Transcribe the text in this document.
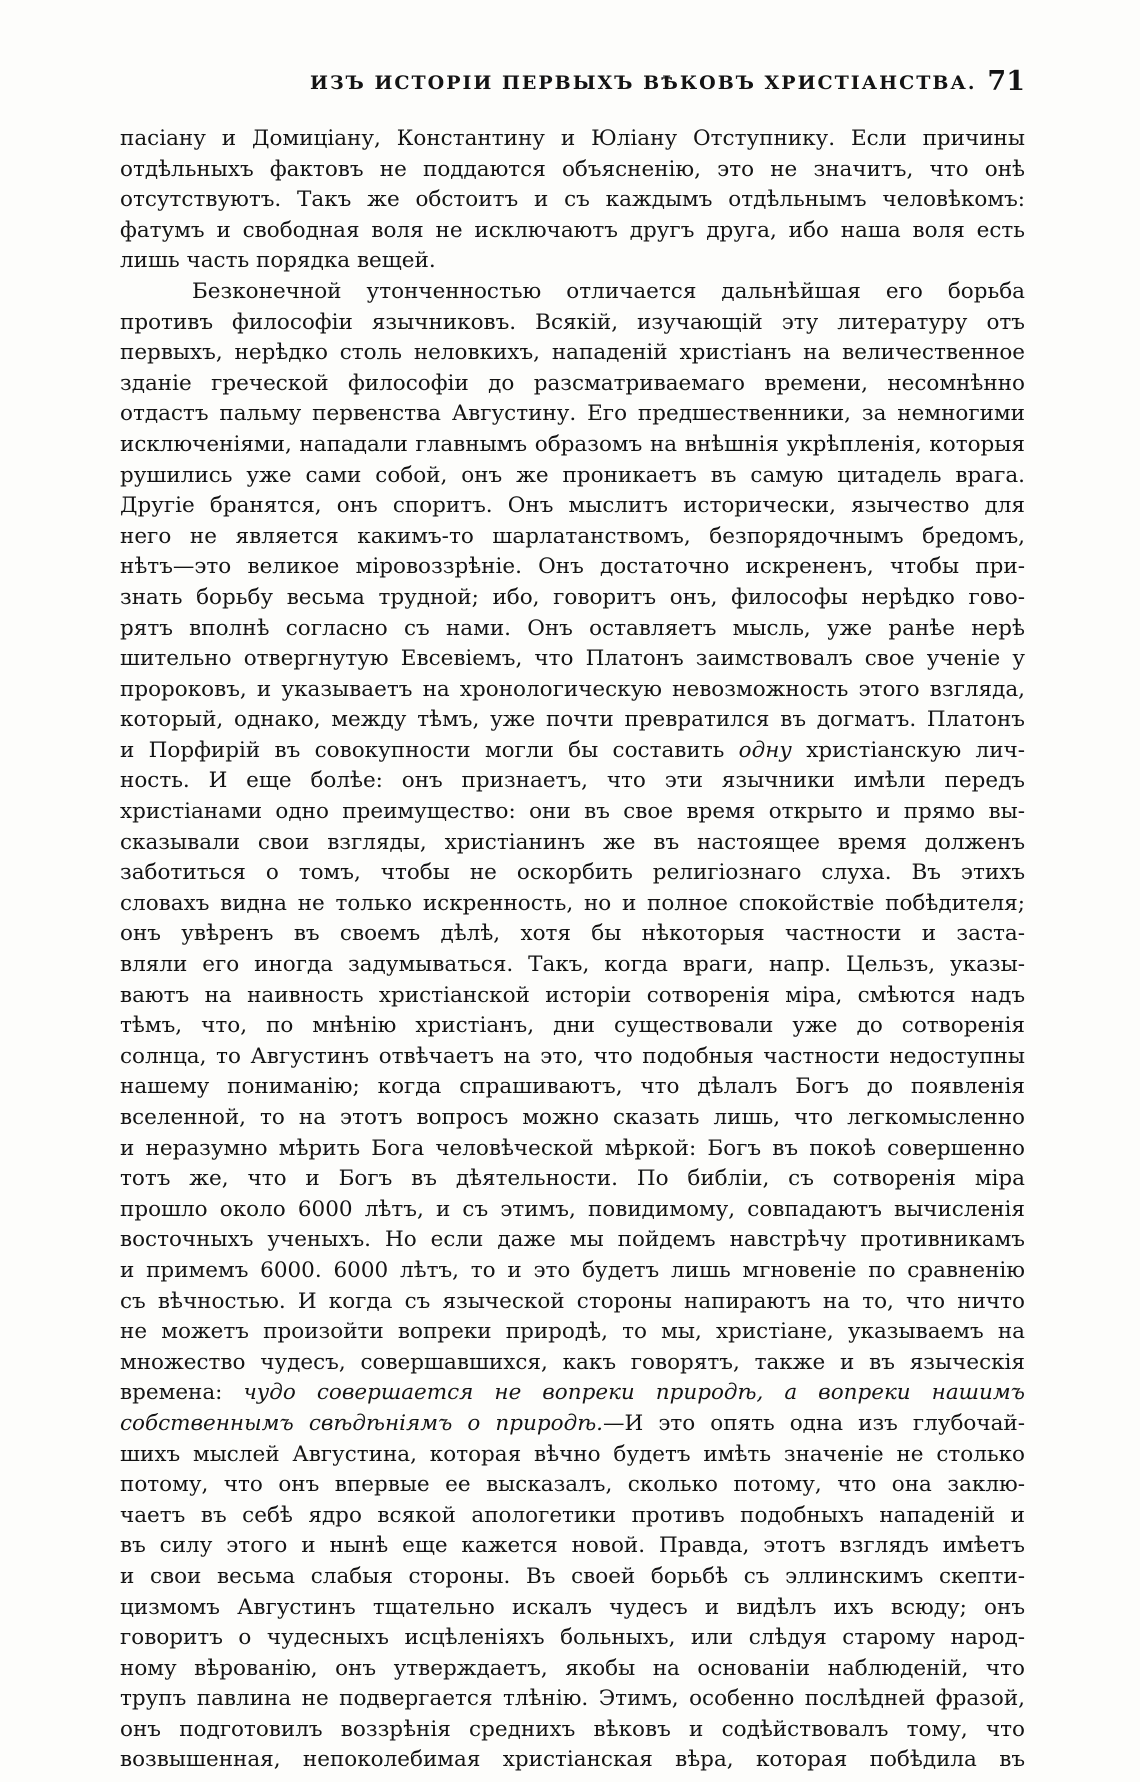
ИЗЪ ИСТОРІИ ПЕРВЫХЪ ВѢКОВЪ ХРИСТІАНСТВА. 71
пасіану и Домиціану, Константину и Юліану Отступнику. Если причины
отдѣльныхъ фактовъ не поддаются объясненію, это не значитъ, что онѣ
отсутствуютъ. Такъ же обстоитъ и съ каждымъ отдѣльнымъ человѣкомъ:
фатумъ и свободная воля не исключаютъ другъ друга, ибо наша воля есть
лишь часть порядка вещей.
Безконечной утонченностью отличается дальнѣйшая его борьба
противъ философіи язычниковъ. Всякій, изучающій эту литературу отъ
первыхъ, нерѣдко столь неловкихъ, нападеній христіанъ на величественное
зданіе греческой философіи до разсматриваемаго времени, несомнѣнно
отдастъ пальму первенства Августину. Его предшественники, за немногими
исключеніями, нападали главнымъ образомъ на внѣшнія укрѣпленія, которыя
рушились уже сами собой, онъ же проникаетъ въ самую цитадель врага.
Другіе бранятся, онъ споритъ. Онъ мыслитъ исторически, язычество для
него не является какимъ-то шарлатанствомъ, безпорядочнымъ бредомъ,
нѣтъ—это великое міровоззрѣніе. Онъ достаточно искрененъ, чтобы при-
знать борьбу весьма трудной; ибо, говоритъ онъ, философы нерѣдко гово-
рятъ вполнѣ согласно съ нами. Онъ оставляетъ мысль, уже ранѣе нерѣ
шительно отвергнутую Евсевіемъ, что Платонъ заимствовалъ свое ученіе у
пророковъ, и указываетъ на хронологическую невозможность этого взгляда,
который, однако, между тѣмъ, уже почти превратился въ догматъ. Платонъ
и Порфирій въ совокупности могли бы составить одну христіанскую лич-
ность. И еще болѣе: онъ признаетъ, что эти язычники имѣли передъ
христіанами одно преимущество: они въ свое время открыто и прямо вы-
сказывали свои взгляды, христіанинъ же въ настоящее время долженъ
заботиться о томъ, чтобы не оскорбить религіознаго слуха. Въ этихъ
словахъ видна не только искренность, но и полное спокойствіе побѣдителя;
онъ увѣренъ въ своемъ дѣлѣ, хотя бы нѣкоторыя частности и заста-
вляли его иногда задумываться. Такъ, когда враги, напр. Цельзъ, указы-
ваютъ на наивность христіанской исторіи сотворенія міра, смѣются надъ
тѣмъ, что, по мнѣнію христіанъ, дни существовали уже до сотворенія
солнца, то Августинъ отвѣчаетъ на это, что подобныя частности недоступны
нашему пониманію; когда спрашиваютъ, что дѣлалъ Богъ до появленія
вселенной, то на этотъ вопросъ можно сказать лишь, что легкомысленно
и неразумно мѣрить Бога человѣческой мѣркой: Богъ въ покоѣ совершенно
тотъ же, что и Богъ въ дѣятельности. По библіи, съ сотворенія міра
прошло около 6000 лѣтъ, и съ этимъ, повидимому, совпадаютъ вычисленія
восточныхъ ученыхъ. Но если даже мы пойдемъ навстрѣчу противникамъ
и примемъ 6000. 6000 лѣтъ, то и это будетъ лишь мгновеніе по сравненію
съ вѣчностью. И когда съ языческой стороны напираютъ на то, что ничто
не можетъ произойти вопреки природѣ, то мы, христіане, указываемъ на
множество чудесъ, совершавшихся, какъ говорятъ, также и въ языческія
времена: чудо совершается не вопреки природѣ, а вопреки нашимъ
собственнымъ свѣдѣніямъ о природѣ.—И это опять одна изъ глубочай-
шихъ мыслей Августина, которая вѣчно будетъ имѣть значеніе не столько
потому, что онъ впервые ее высказалъ, сколько потому, что она заклю-
чаетъ въ себѣ ядро всякой апологетики противъ подобныхъ нападеній и
въ силу этого и нынѣ еще кажется новой. Правда, этотъ взглядъ имѣетъ
и свои весьма слабыя стороны. Въ своей борьбѣ съ эллинскимъ скепти-
цизмомъ Августинъ тщательно искалъ чудесъ и видѣлъ ихъ всюду; онъ
говоритъ о чудесныхъ исцѣленіяхъ больныхъ, или слѣдуя старому народ-
ному вѣрованію, онъ утверждаетъ, якобы на основаніи наблюденій, что
трупъ павлина не подвергается тлѣнію. Этимъ, особенно послѣдней фразой,
онъ подготовилъ воззрѣнія среднихъ вѣковъ и содѣйствовалъ тому, что
возвышенная, непоколебимая христіанская вѣра, которая побѣдила въ
